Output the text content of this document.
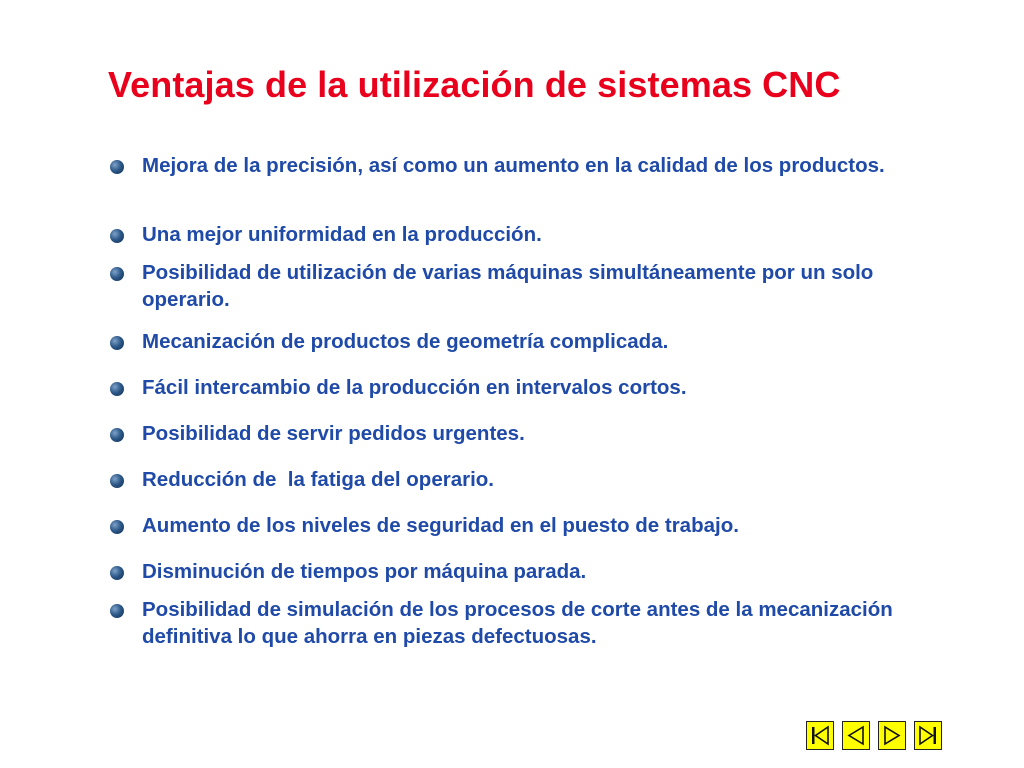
Ventajas de la utilización de sistemas CNC
Mejora de la precisión, así como un aumento en la calidad de los productos.
Una mejor uniformidad en la producción.
Posibilidad de utilización de varias máquinas simultáneamente por un solo operario.
Mecanización de productos de geometría complicada.
Fácil intercambio de la producción en intervalos cortos.
Posibilidad de servir pedidos urgentes.
Reducción de  la fatiga del operario.
Aumento de los niveles de seguridad en el puesto de trabajo.
Disminución de tiempos por máquina parada.
Posibilidad de simulación de los procesos de corte antes de la mecanización definitiva lo que ahorra en piezas defectuosas.
